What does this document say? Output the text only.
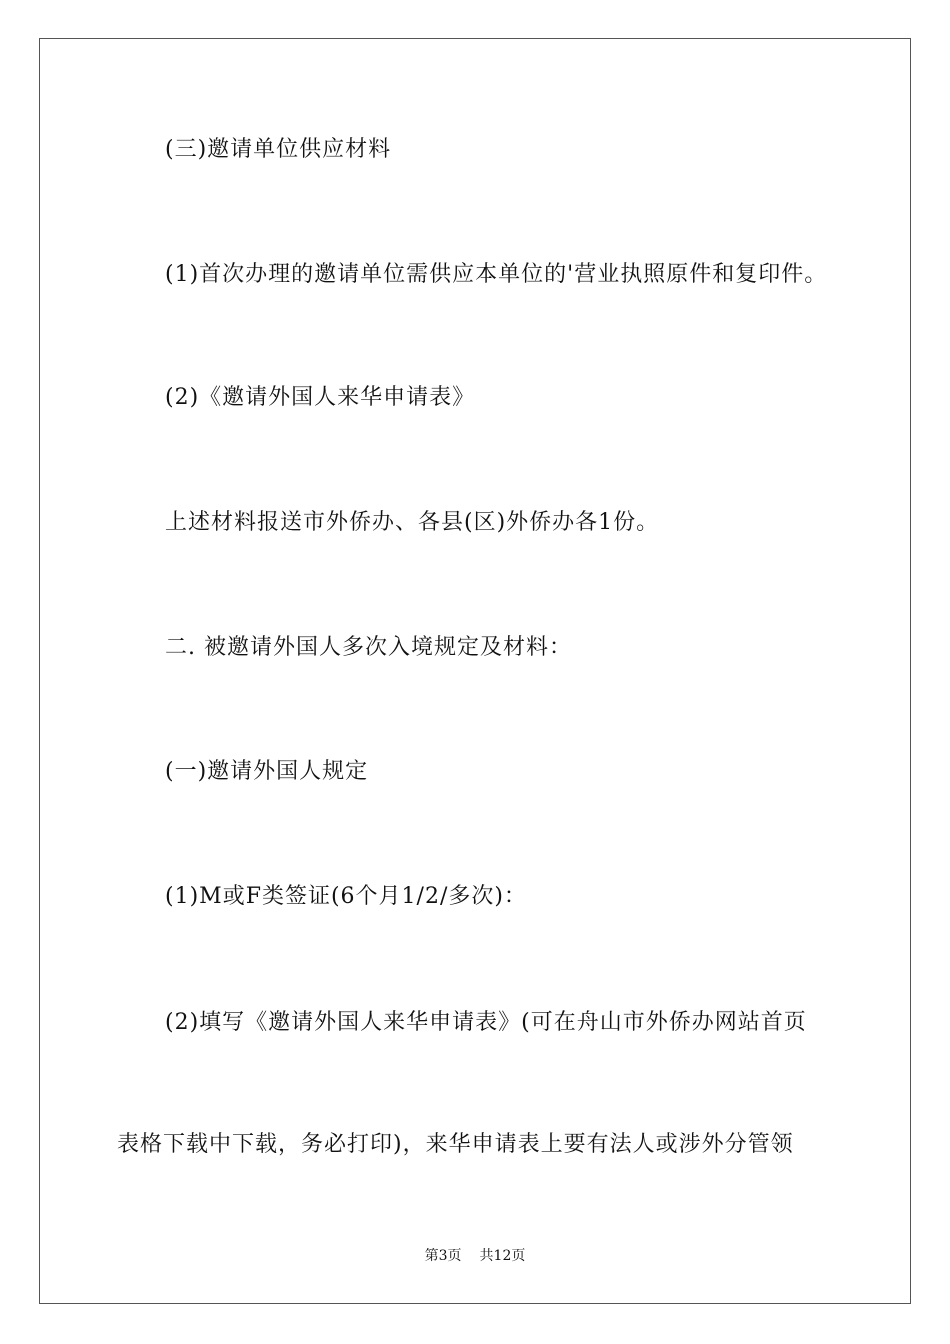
(三)邀请单位供应材料
(1)首次办理的邀请单位需供应本单位的'营业执照原件和复印件。
(2)《邀请外国人来华申请表》
上述材料报送市外侨办、各县(区)外侨办各1份。
二. 被邀请外国人多次入境规定及材料：
(一)邀请外国人规定
(1)M或F类签证(6个月1/2/多次)：
(2)填写《邀请外国人来华申请表》(可在舟山市外侨办网站首页
表格下载中下载，务必打印)，来华申请表上要有法人或涉外分管领
第3页 共12页
